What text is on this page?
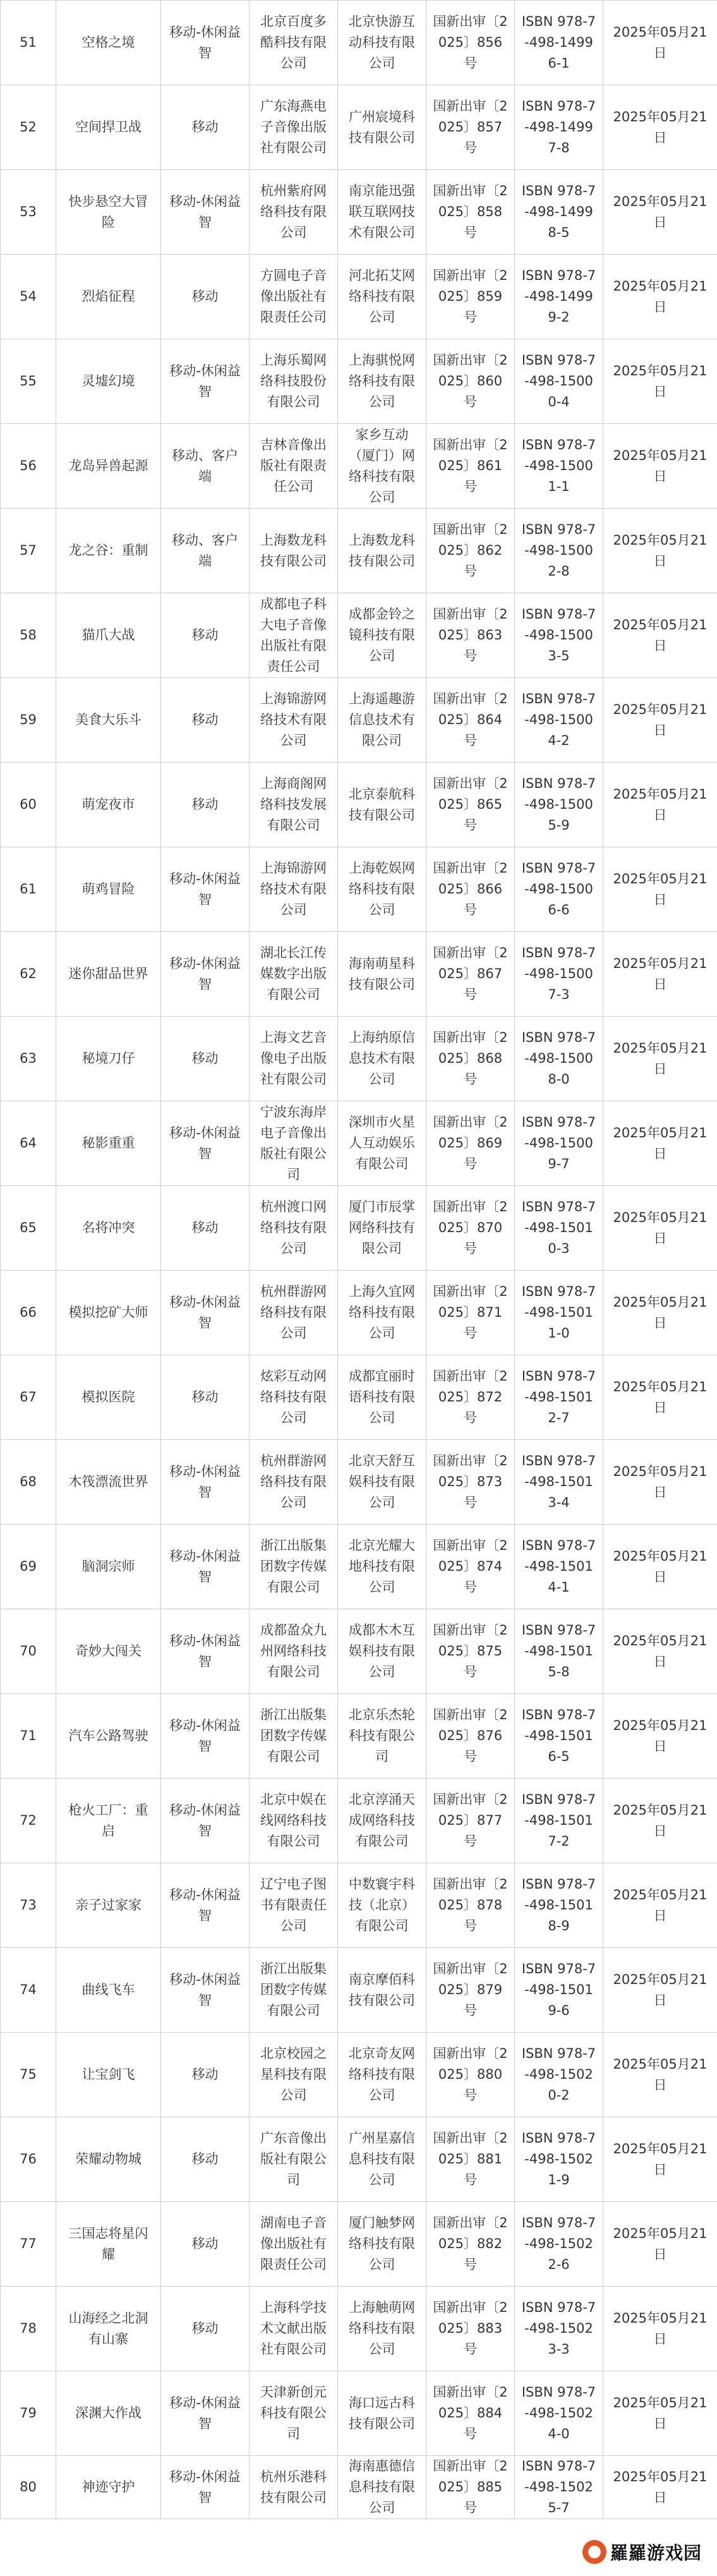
51	空格之境	移动-休闲益智	北京百度多酷科技有限公司	北京快游互动科技有限公司	国新出审〔2025〕856号	ISBN 978-7-498-14996-1	2025年05月21日
52	空间捍卫战	移动	广东海燕电子音像出版社有限公司	广州宸境科技有限公司	国新出审〔2025〕857号	ISBN 978-7-498-14997-8	2025年05月21日
53	快步悬空大冒险	移动-休闲益智	杭州紫府网络科技有限公司	南京能迅强联互联网技术有限公司	国新出审〔2025〕858号	ISBN 978-7-498-14998-5	2025年05月21日
54	烈焰征程	移动	方圆电子音像出版社有限责任公司	河北拓艾网络科技有限公司	国新出审〔2025〕859号	ISBN 978-7-498-14999-2	2025年05月21日
55	灵墟幻境	移动-休闲益智	上海乐蜀网络科技股份有限公司	上海骐悦网络科技有限公司	国新出审〔2025〕860号	ISBN 978-7-498-15000-4	2025年05月21日
56	龙岛异兽起源	移动、客户端	吉林音像出版社有限责任公司	家乡互动（厦门）网络科技有限公司	国新出审〔2025〕861号	ISBN 978-7-498-15001-1	2025年05月21日
57	龙之谷：重制	移动、客户端	上海数龙科技有限公司	上海数龙科技有限公司	国新出审〔2025〕862号	ISBN 978-7-498-15002-8	2025年05月21日
58	猫爪大战	移动	成都电子科大电子音像出版社有限责任公司	成都金铃之镜科技有限公司	国新出审〔2025〕863号	ISBN 978-7-498-15003-5	2025年05月21日
59	美食大乐斗	移动	上海锦游网络技术有限公司	上海遥趣游信息技术有限公司	国新出审〔2025〕864号	ISBN 978-7-498-15004-2	2025年05月21日
60	萌宠夜市	移动	上海商阁网络科技发展有限公司	北京泰航科技有限公司	国新出审〔2025〕865号	ISBN 978-7-498-15005-9	2025年05月21日
61	萌鸡冒险	移动-休闲益智	上海锦游网络技术有限公司	上海乾娱网络科技有限公司	国新出审〔2025〕866号	ISBN 978-7-498-15006-6	2025年05月21日
62	迷你甜品世界	移动-休闲益智	湖北长江传媒数字出版有限公司	海南萌星科技有限公司	国新出审〔2025〕867号	ISBN 978-7-498-15007-3	2025年05月21日
63	秘境刀仔	移动	上海文艺音像电子出版社有限公司	上海纳原信息技术有限公司	国新出审〔2025〕868号	ISBN 978-7-498-15008-0	2025年05月21日
64	秘影重重	移动-休闲益智	宁波东海岸电子音像出版社有限公司	深圳市火星人互动娱乐有限公司	国新出审〔2025〕869号	ISBN 978-7-498-15009-7	2025年05月21日
65	名将冲突	移动	杭州渡口网络科技有限公司	厦门市辰掌网络科技有限公司	国新出审〔2025〕870号	ISBN 978-7-498-15010-3	2025年05月21日
66	模拟挖矿大师	移动-休闲益智	杭州群游网络科技有限公司	上海久宜网络科技有限公司	国新出审〔2025〕871号	ISBN 978-7-498-15011-0	2025年05月21日
67	模拟医院	移动	炫彩互动网络科技有限公司	成都宜丽时语科技有限公司	国新出审〔2025〕872号	ISBN 978-7-498-15012-7	2025年05月21日
68	木筏漂流世界	移动-休闲益智	杭州群游网络科技有限公司	北京天舒互娱科技有限公司	国新出审〔2025〕873号	ISBN 978-7-498-15013-4	2025年05月21日
69	脑洞宗师	移动-休闲益智	浙江出版集团数字传媒有限公司	北京光耀大地科技有限公司	国新出审〔2025〕874号	ISBN 978-7-498-15014-1	2025年05月21日
70	奇妙大闯关	移动-休闲益智	成都盈众九州网络科技有限公司	成都木木互娱科技有限公司	国新出审〔2025〕875号	ISBN 978-7-498-15015-8	2025年05月21日
71	汽车公路驾驶	移动-休闲益智	浙江出版集团数字传媒有限公司	北京乐杰轮科技有限公司	国新出审〔2025〕876号	ISBN 978-7-498-15016-5	2025年05月21日
72	枪火工厂：重启	移动-休闲益智	北京中娱在线网络科技有限公司	北京淳涌天成网络科技有限公司	国新出审〔2025〕877号	ISBN 978-7-498-15017-2	2025年05月21日
73	亲子过家家	移动-休闲益智	辽宁电子图书有限责任公司	中数寰宇科技（北京）有限公司	国新出审〔2025〕878号	ISBN 978-7-498-15018-9	2025年05月21日
74	曲线飞车	移动-休闲益智	浙江出版集团数字传媒有限公司	南京摩佰科技有限公司	国新出审〔2025〕879号	ISBN 978-7-498-15019-6	2025年05月21日
75	让宝剑飞	移动	北京校园之星科技有限公司	北京奇友网络科技有限公司	国新出审〔2025〕880号	ISBN 978-7-498-15020-2	2025年05月21日
76	荣耀动物城	移动	广东音像出版社有限公司	广州星嘉信息科技有限公司	国新出审〔2025〕881号	ISBN 978-7-498-15021-9	2025年05月21日
77	三国志将星闪耀	移动	湖南电子音像出版社有限责任公司	厦门触梦网络科技有限公司	国新出审〔2025〕882号	ISBN 978-7-498-15022-6	2025年05月21日
78	山海经之北洞有山寨	移动	上海科学技术文献出版社有限公司	上海触萌网络科技有限公司	国新出审〔2025〕883号	ISBN 978-7-498-15023-3	2025年05月21日
79	深渊大作战	移动-休闲益智	天津新创元科技有限公司	海口远古科技有限公司	国新出审〔2025〕884号	ISBN 978-7-498-15024-0	2025年05月21日
80	神迹守护	移动-休闲益智	杭州乐港科技有限公司	海南惠德信息科技有限公司	国新出审〔2025〕885号	ISBN 978-7-498-15025-7	2025年05月21日
羅羅游戏园
